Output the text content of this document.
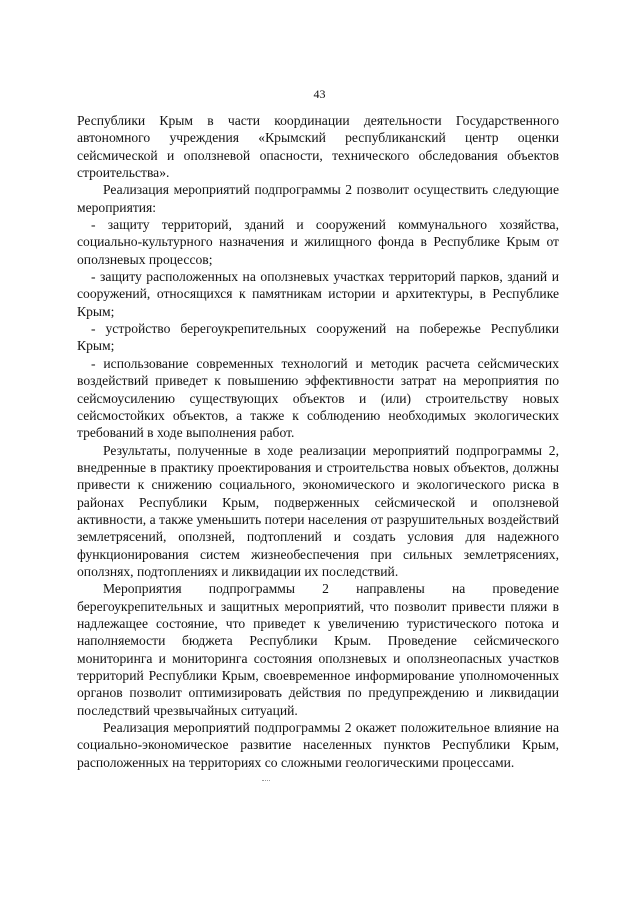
43

Республики Крым в части координации деятельности Государственного автономного учреждения «Крымский республиканский центр оценки сейсмической и оползневой опасности, технического обследования объектов строительства».

Реализация мероприятий подпрограммы 2 позволит осуществить следующие мероприятия:

- защиту территорий, зданий и сооружений коммунального хозяйства, социально-культурного назначения и жилищного фонда в Республике Крым от оползневых процессов;

- защиту расположенных на оползневых участках территорий парков, зданий и сооружений, относящихся к памятникам истории и архитектуры, в Республике Крым;

- устройство берегоукрепительных сооружений на побережье Республики Крым;

- использование современных технологий и методик расчета сейсмических воздействий приведет к повышению эффективности затрат на мероприятия по сейсмоусилению существующих объектов и (или) строительству новых сейсмостойких объектов, а также к соблюдению необходимых экологических требований в ходе выполнения работ.

Результаты, полученные в ходе реализации мероприятий подпрограммы 2, внедренные в практику проектирования и строительства новых объектов, должны привести к снижению социального, экономического и экологического риска в районах Республики Крым, подверженных сейсмической и оползневой активности, а также уменьшить потери населения от разрушительных воздействий землетрясений, оползней, подтоплений и создать условия для надежного функционирования систем жизнеобеспечения при сильных землетрясениях, оползнях, подтоплениях и ликвидации их последствий.

Мероприятия подпрограммы 2 направлены на проведение берегоукрепительных и защитных мероприятий, что позволит привести пляжи в надлежащее состояние, что приведет к увеличению туристического потока и наполняемости бюджета Республики Крым. Проведение сейсмического мониторинга и мониторинга состояния оползневых и оползнеопасных участков территорий Республики Крым, своевременное информирование уполномоченных органов позволит оптимизировать действия по предупреждению и ликвидации последствий чрезвычайных ситуаций.

Реализация мероприятий подпрограммы 2 окажет положительное влияние на социально-экономическое развитие населенных пунктов Республики Крым, расположенных на территориях со сложными геологическими процессами.
